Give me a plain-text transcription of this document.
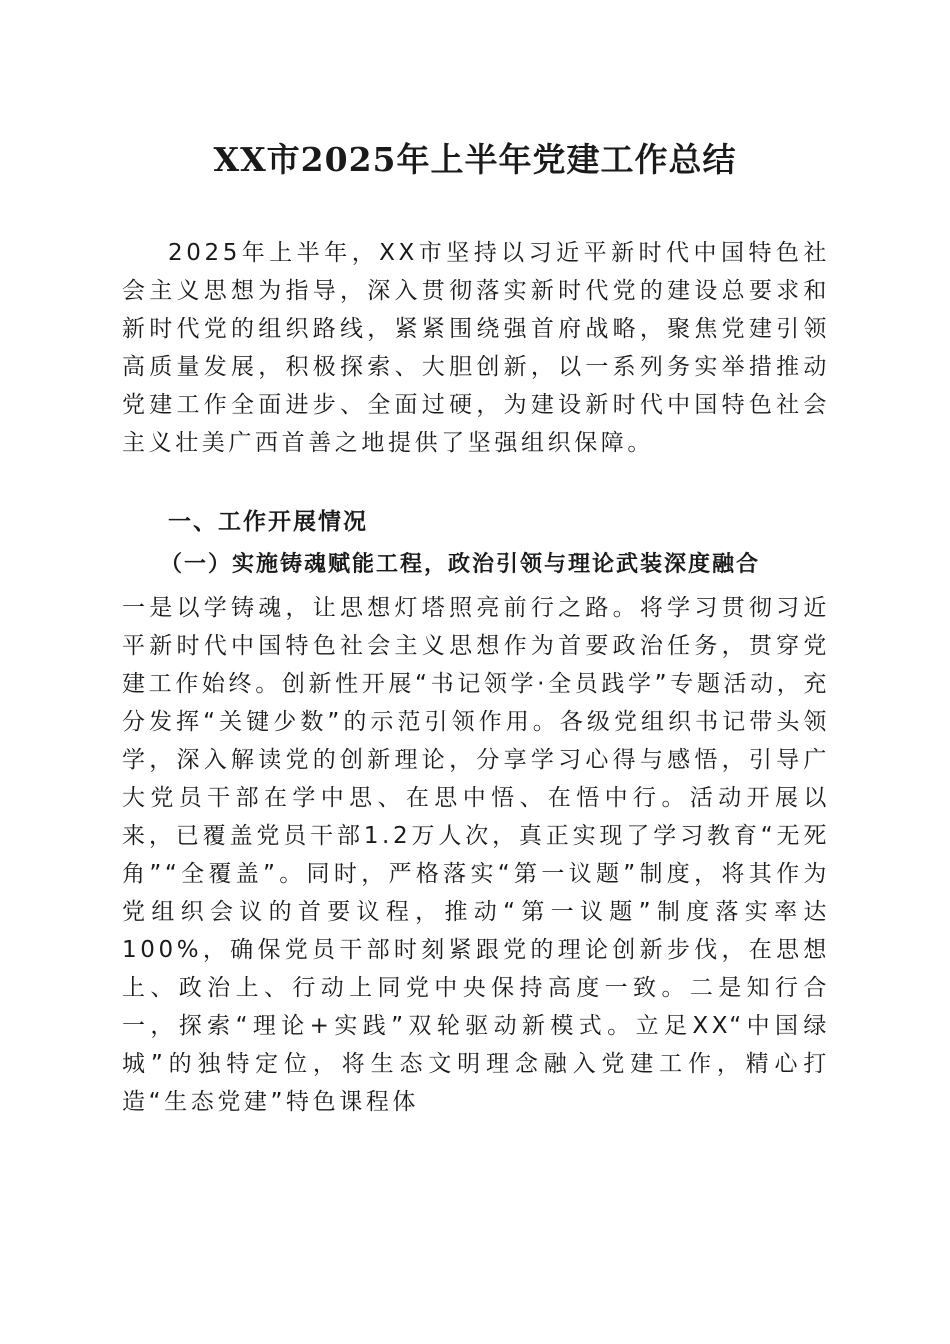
XX市2025年上半年党建工作总结

2025年上半年，XX市坚持以习近平新时代中国特色社会主义思想为指导，深入贯彻落实新时代党的建设总要求和新时代党的组织路线，紧紧围绕强首府战略，聚焦党建引领高质量发展，积极探索、大胆创新，以一系列务实举措推动党建工作全面进步、全面过硬，为建设新时代中国特色社会主义壮美广西首善之地提供了坚强组织保障。

一、工作开展情况
（一）实施铸魂赋能工程，政治引领与理论武装深度融合

一是以学铸魂，让思想灯塔照亮前行之路。将学习贯彻习近平新时代中国特色社会主义思想作为首要政治任务，贯穿党建工作始终。创新性开展“书记领学·全员践学”专题活动，充分发挥“关键少数”的示范引领作用。各级党组织书记带头领学，深入解读党的创新理论，分享学习心得与感悟，引导广大党员干部在学中思、在思中悟、在悟中行。活动开展以来，已覆盖党员干部1.2万人次，真正实现了学习教育“无死角”“全覆盖”。同时，严格落实“第一议题”制度，将其作为党组织会议的首要议程，推动“第一议题”制度落实率达100%，确保党员干部时刻紧跟党的理论创新步伐，在思想上、政治上、行动上同党中央保持高度一致。二是知行合一，探索“理论+实践”双轮驱动新模式。立足XX“中国绿城”的独特定位，将生态文明理念融入党建工作，精心打造“生态党建”特色课程体
